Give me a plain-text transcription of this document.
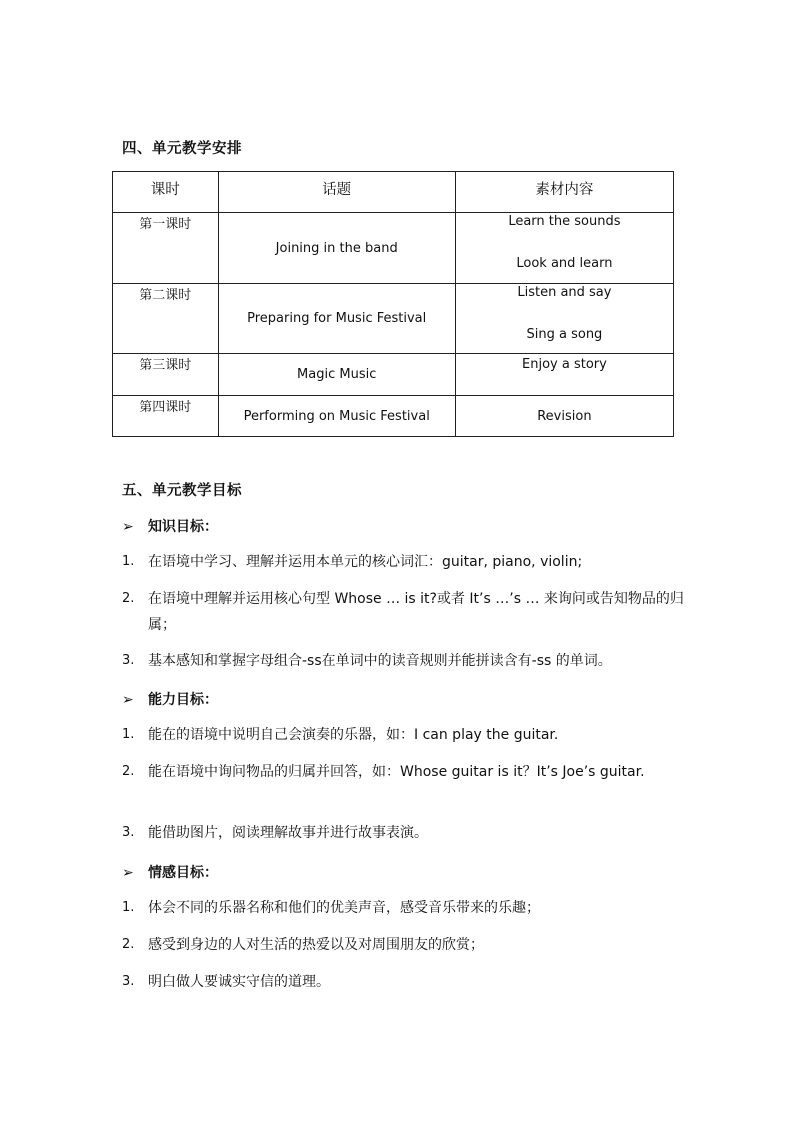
四、单元教学安排
课时	话题	素材内容
第一课时	Joining in the band	Learn the sounds
Look and learn

第二课时	Preparing for Music Festival	Listen and say
Sing a song

第三课时	Magic Music	Enjoy a story
第四课时	Performing on Music Festival	Revision
五、单元教学目标
➢ 知识目标：
1. 在语境中学习、理解并运用本单元的核心词汇：guitar, piano, violin;
2. 在语境中理解并运用核心句型 Whose … is it?或者 It’s …’s … 来询问或告知物品的归属；
3. 基本感知和掌握字母组合-ss在单词中的读音规则并能拼读含有-ss 的单词。
➢ 能力目标：
1. 能在的语境中说明自己会演奏的乐器，如：I can play the guitar.
2. 能在语境中询问物品的归属并回答，如：Whose guitar is it？It’s Joe’s guitar.
3. 能借助图片，阅读理解故事并进行故事表演。
➢ 情感目标：
1. 体会不同的乐器名称和他们的优美声音，感受音乐带来的乐趣；
2. 感受到身边的人对生活的热爱以及对周围朋友的欣赏；
3. 明白做人要诚实守信的道理。
